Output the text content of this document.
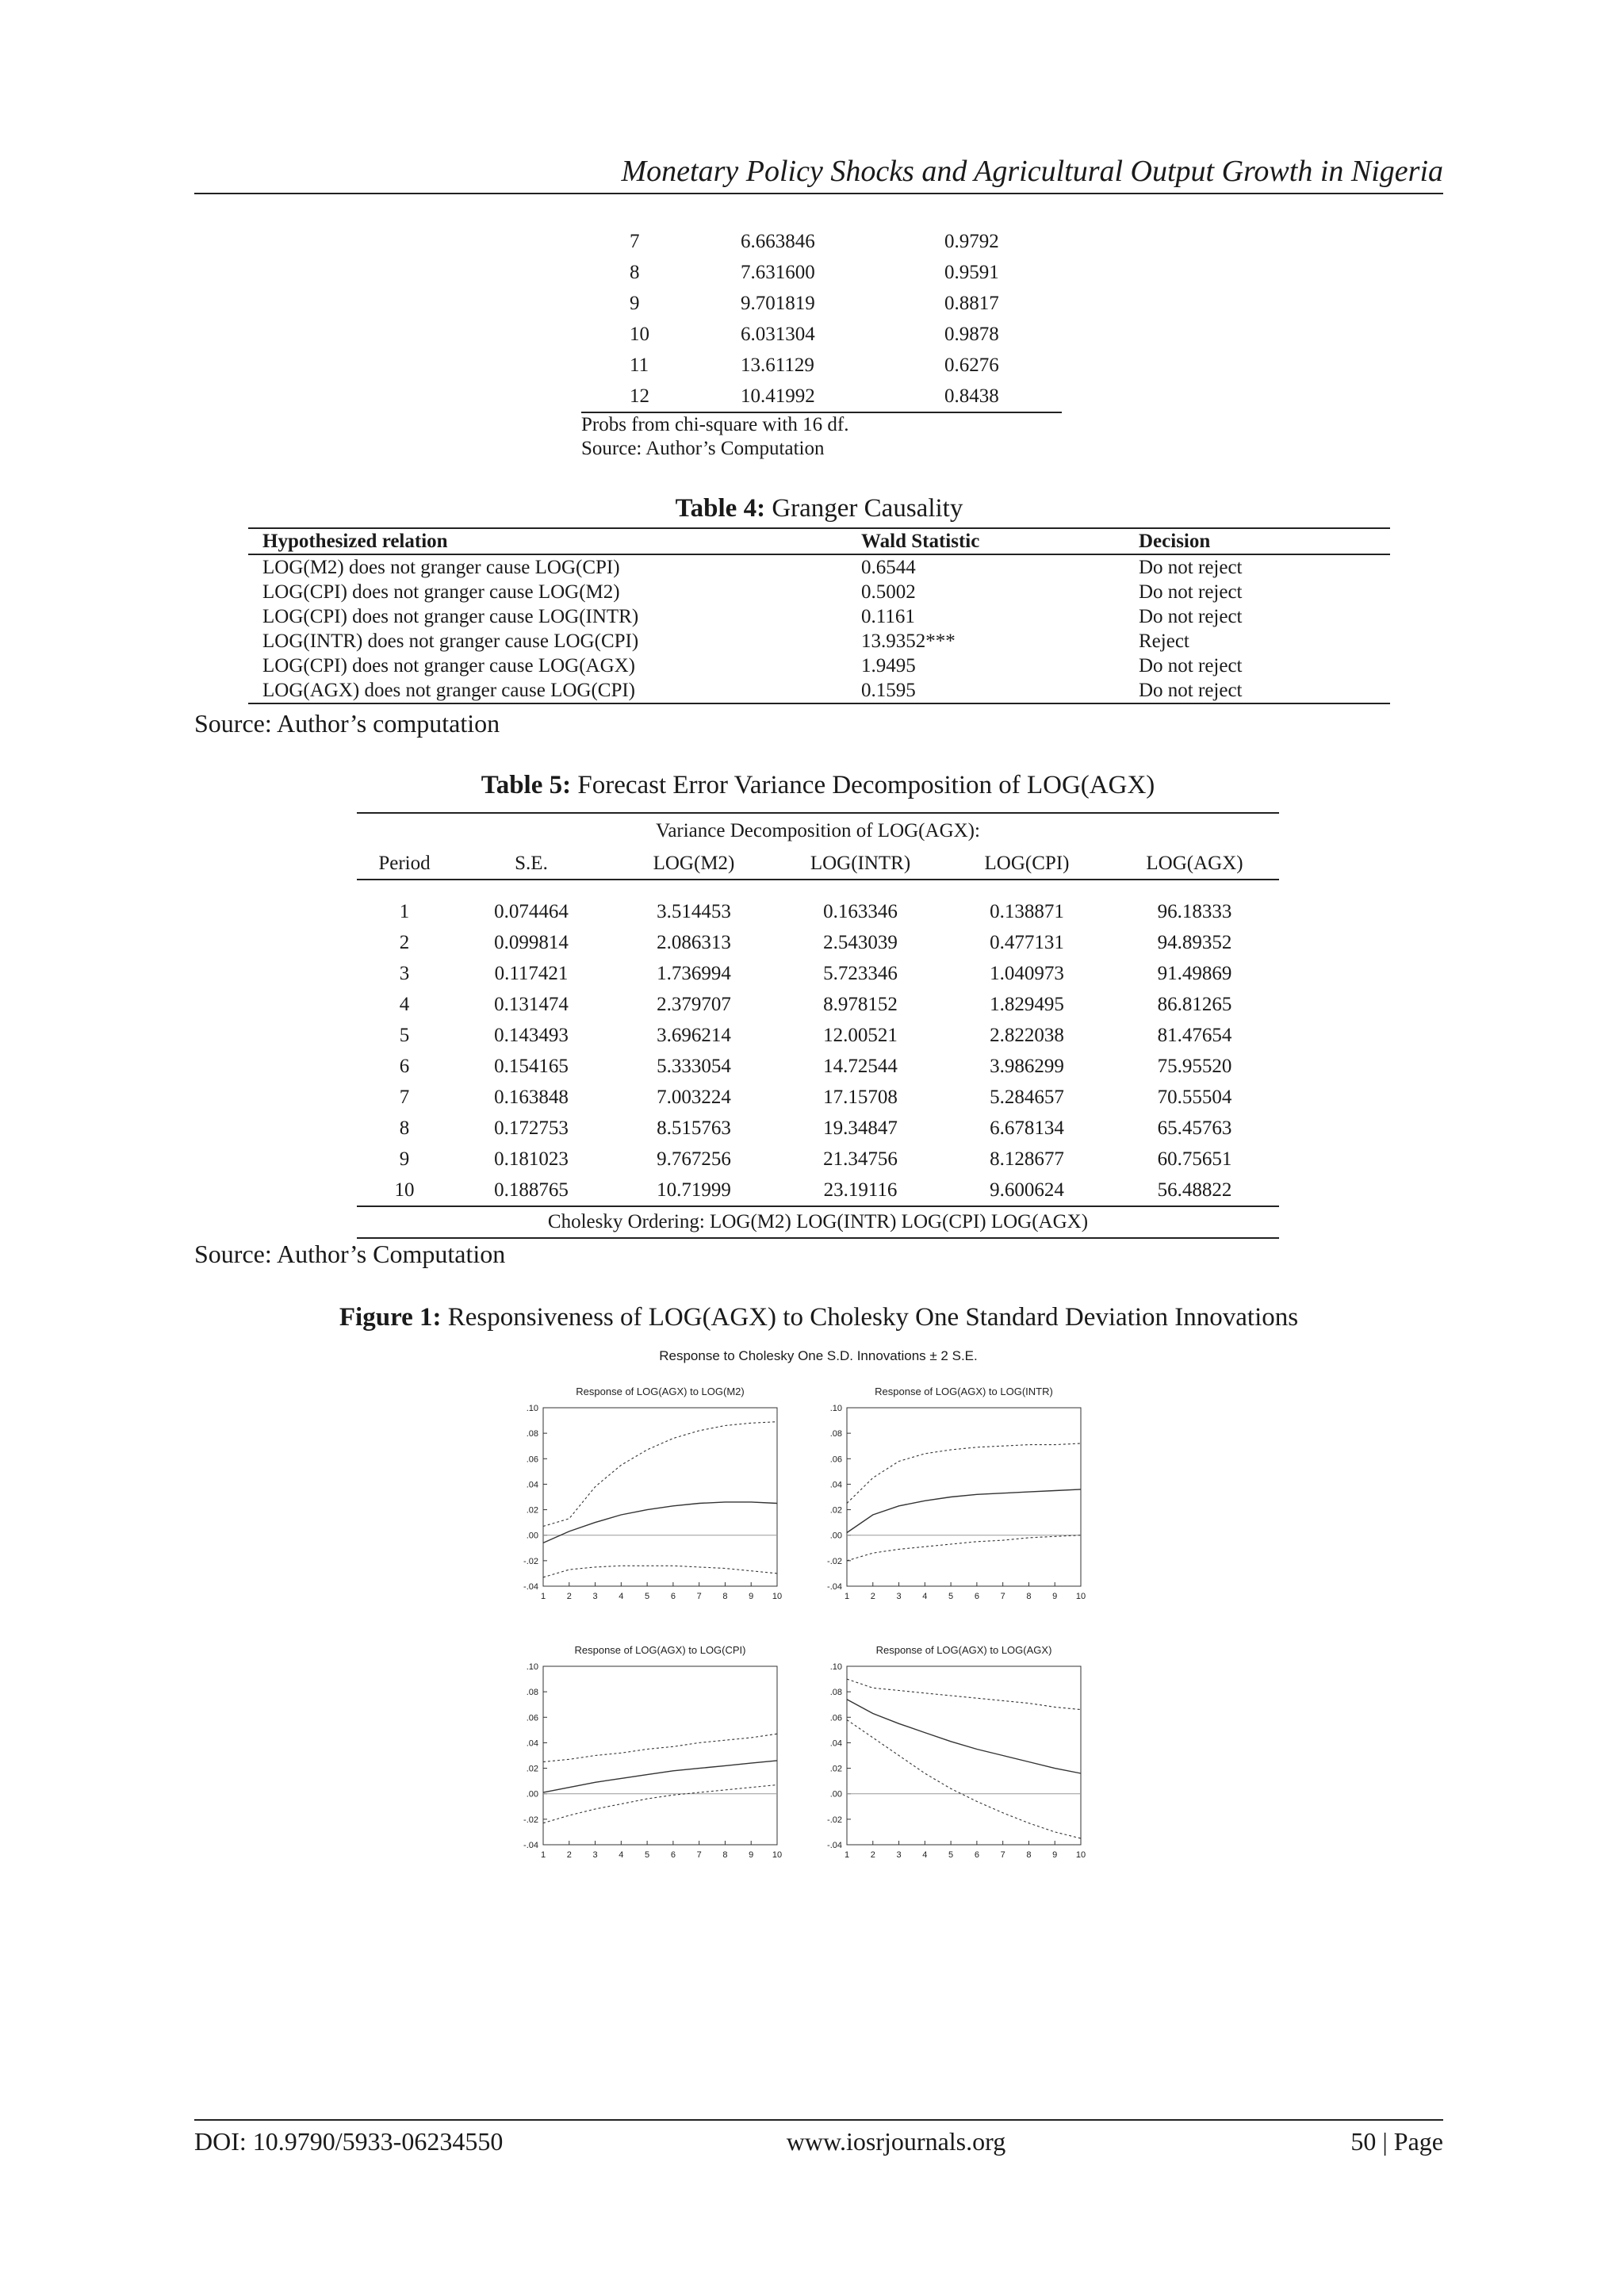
Monetary Policy Shocks and Agricultural Output Growth in Nigeria
7	6.663846	0.9792
8	7.631600	0.9591
9	9.701819	0.8817
10	6.031304	0.9878
11	13.61129	0.6276
12	10.41992	0.8438
Probs from chi-square with 16 df.
Source: Author’s Computation
Table 4: Granger Causality
Hypothesized relation	Wald Statistic	Decision
LOG(M2) does not granger cause LOG(CPI)	0.6544	Do not reject
LOG(CPI) does not granger cause LOG(M2)	0.5002	Do not reject
LOG(CPI) does not granger cause LOG(INTR)	0.1161	Do not reject
LOG(INTR) does not granger cause LOG(CPI)	13.9352***	Reject
LOG(CPI) does not granger cause LOG(AGX)	1.9495	Do not reject
LOG(AGX) does not granger cause LOG(CPI)	0.1595	Do not reject
Source: Author’s computation
Table 5: Forecast Error Variance Decomposition of LOG(AGX)
Variance Decomposition of LOG(AGX):					
Period	S.E.	LOG(M2)	LOG(INTR)	LOG(CPI)	LOG(AGX)

1	0.074464	3.514453	0.163346	0.138871	96.18333
2	0.099814	2.086313	2.543039	0.477131	94.89352
3	0.117421	1.736994	5.723346	1.040973	91.49869
4	0.131474	2.379707	8.978152	1.829495	86.81265
5	0.143493	3.696214	12.00521	2.822038	81.47654
6	0.154165	5.333054	14.72544	3.986299	75.95520
7	0.163848	7.003224	17.15708	5.284657	70.55504
8	0.172753	8.515763	19.34847	6.678134	65.45763
9	0.181023	9.767256	21.34756	8.128677	60.75651
10	0.188765	10.71999	23.19116	9.600624	56.48822
Cholesky Ordering: LOG(M2) LOG(INTR) LOG(CPI) LOG(AGX)					
Source: Author’s Computation
Figure 1: Responsiveness of LOG(AGX) to Cholesky One Standard Deviation Innovations
Response to Cholesky One S.D. Innovations ± 2 S.E.
Response of LOG(AGX) to LOG(M2)
-.04
-.02
.00
.02
.04
.06
.08
.10
1 2 3 4 5 6 7 8 9 10
Response of LOG(AGX) to LOG(INTR)
-.04
-.02
.00
.02
.04
.06
.08
.10
1 2 3 4 5 6 7 8 9 10
Response of LOG(AGX) to LOG(CPI)
-.04
-.02
.00
.02
.04
.06
.08
.10
1 2 3 4 5 6 7 8 9 10
Response of LOG(AGX) to LOG(AGX)
-.04
-.02
.00
.02
.04
.06
.08
.10
1 2 3 4 5 6 7 8 9 10
DOI: 10.9790/5933-06234550	www.iosrjournals.org	50 | Page
